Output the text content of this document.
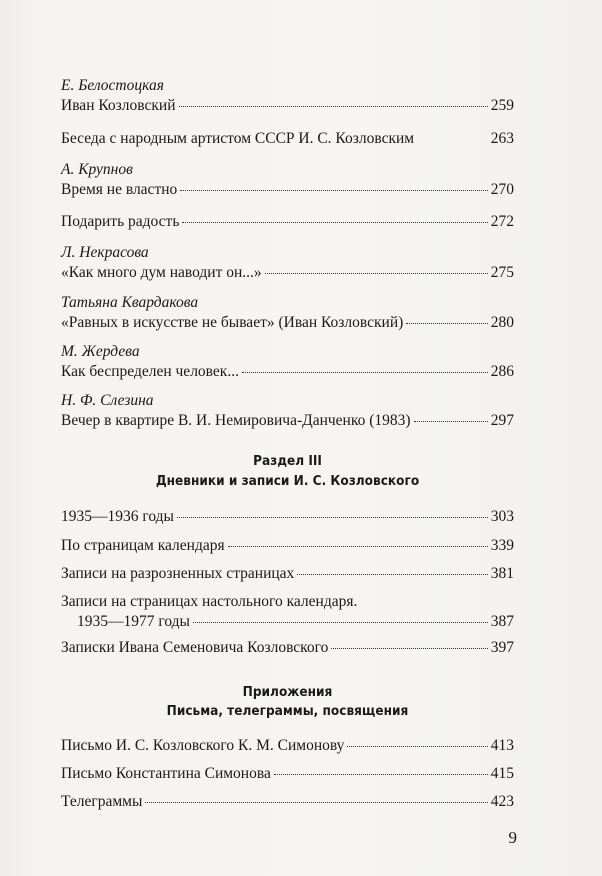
Е. Белостоцкая
Иван Козловский	259
Беседа с народным артистом СССР И. С. Козловским	263
А. Крупнов
Время не властно	270
Подарить радость	272
Л. Некрасова
«Как много дум наводит он...»	275
Татьяна Квардакова
«Равных в искусстве не бывает» (Иван Козловский)	280
М. Жердева
Как беспределен человек...	286
Н. Ф. Слезина
Вечер в квартире В. И. Немировича-Данченко (1983)	297
Раздел III
Дневники и записи И. С. Козловского
1935—1936 годы	303
По страницам календаря	339
Записи на разрозненных страницах	381
Записи на страницах настольного календаря.
1935—1977 годы	387
Записки Ивана Семеновича Козловского	397
Приложения
Письма, телеграммы, посвящения
Письмо И. С. Козловского К. М. Симонову	413
Письмо Константина Симонова	415
Телеграммы	423
9
